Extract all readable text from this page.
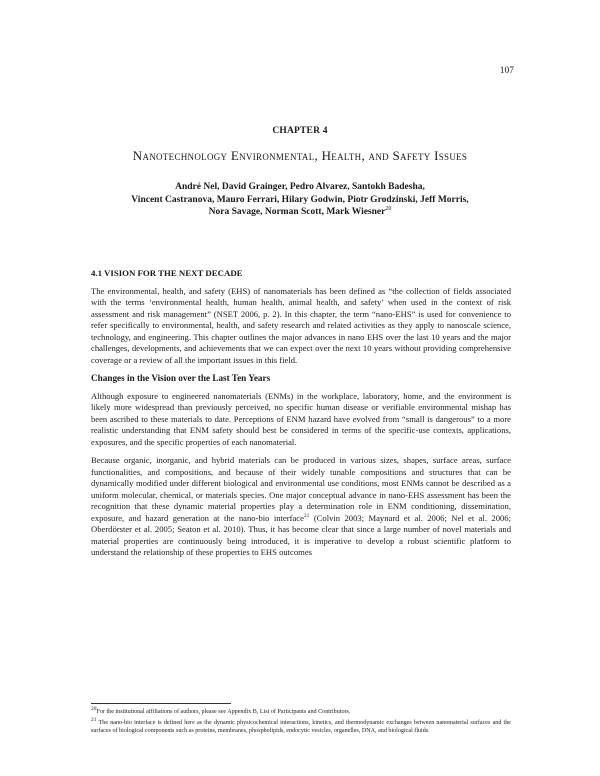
107
CHAPTER 4
Nanotechnology Environmental, Health, and Safety Issues
André Nel, David Grainger, Pedro Alvarez, Santokh Badesha,
Vincent Castranova, Mauro Ferrari, Hilary Godwin, Piotr Grodzinski, Jeff Morris,
Nora Savage, Norman Scott, Mark Wiesner$^{20}$
4.1 VISION FOR THE NEXT DECADE

The environmental, health, and safety (EHS) of nanomaterials has been defined as “the collection of fields associated with the terms ‘environmental health, human health, animal health, and safety’ when used in the context of risk assessment and risk management” (NSET 2006, p. 2). In this chapter, the term “nano-EHS” is used for convenience to refer specifically to environmental, health, and safety research and related activities as they apply to nanoscale science, technology, and engineering. This chapter outlines the major advances in nano EHS over the last 10 years and the major challenges, developments, and achievements that we can expect over the next 10 years without providing comprehensive coverage or a review of all the important issues in this field.

Changes in the Vision over the Last Ten Years

Although exposure to engineered nanomaterials (ENMs) in the workplace, laboratory, home, and the environment is likely more widespread than previously perceived, no specific human disease or verifiable environmental mishap has been ascribed to these materials to date. Perceptions of ENM hazard have evolved from “small is dangerous” to a more realistic understanding that ENM safety should best be considered in terms of the specific-use contexts, applications, exposures, and the specific properties of each nanomaterial.

Because organic, inorganic, and hybrid materials can be produced in various sizes, shapes, surface areas, surface functionalities, and compositions, and because of their widely tunable compositions and structures that can be dynamically modified under different biological and environmental use conditions, most ENMs cannot be described as a uniform molecular, chemical, or materials species. One major conceptual advance in nano-EHS assessment has been the recognition that these dynamic material properties play a determination role in ENM conditioning, dissemination, exposure, and hazard generation at the nano-bio interface$^{21}$ (Colvin 2003; Maynard et al. 2006; Nel et al. 2006; Oberdörster et al. 2005; Seaton et al. 2010). Thus, it has become clear that since a large number of novel materials and material properties are continuously being introduced, it is imperative to develop a robust scientific platform to understand the relationship of these properties to EHS outcomes

$^{20}$For the institutional affiliations of authors, please see Appendix B, List of Participants and Contributors.

$^{21}$ The nano-bio interface is defined here as the dynamic physicochemical interactions, kinetics, and thermodynamic exchanges between nanomaterial surfaces and the surfaces of biological components such as proteins, membranes, phospholipids, endocytic vesicles, organelles, DNA, and biological fluids.
